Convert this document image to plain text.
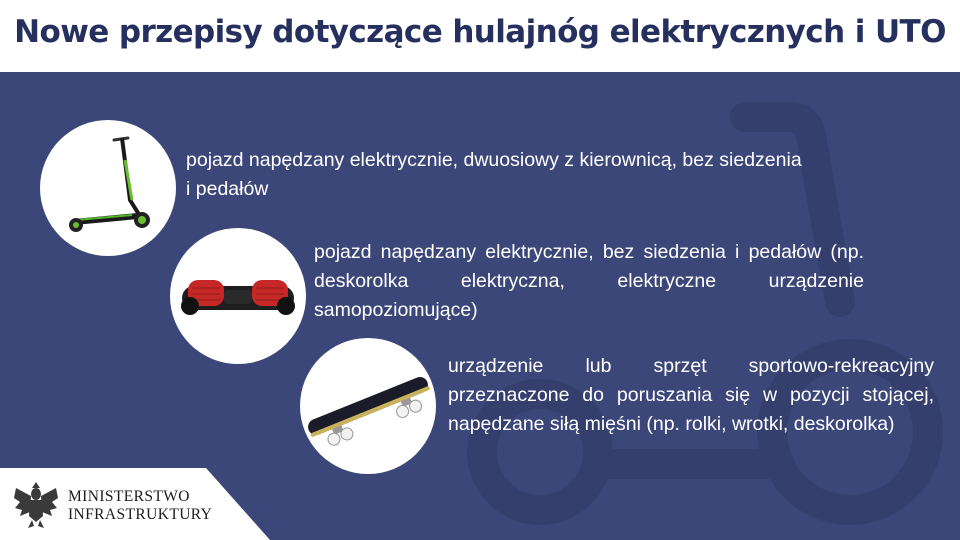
Nowe przepisy dotyczące hulajnóg elektrycznych i UTO

pojazd napędzany elektrycznie, dwuosiowy z kierownicą, bez siedzenia i pedałów

pojazd napędzany elektrycznie, bez siedzenia i pedałów (np. deskorolka elektryczna, elektryczne urządzenie samopoziomujące)

urządzenie lub sprzęt sportowo-rekreacyjny przeznaczone do poruszania się w pozycji stojącej, napędzane siłą mięśni (np. rolki, wrotki, deskorolka)

MINISTERSTWO
INFRASTRUKTURY
